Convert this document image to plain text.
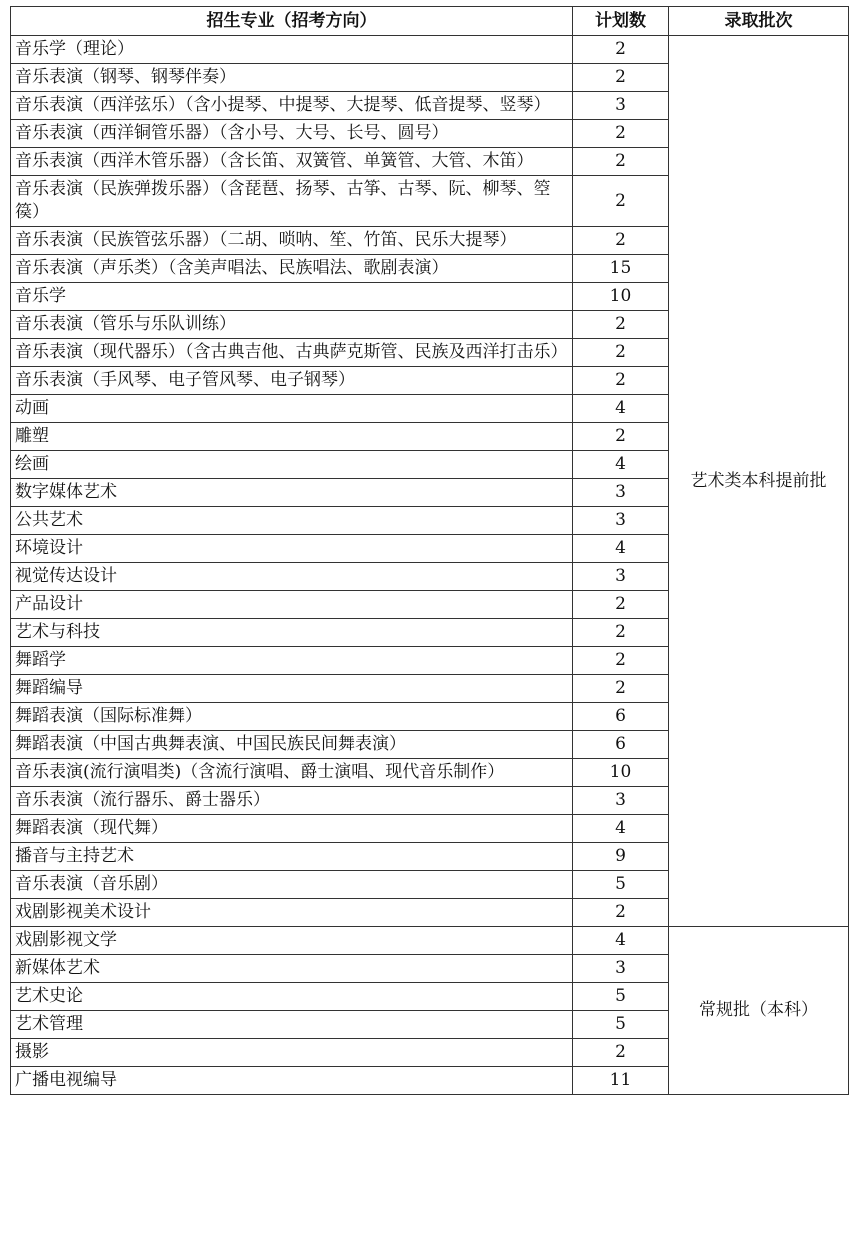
招生专业（招考方向）	计划数	录取批次
音乐学（理论）	2	艺术类本科提前批
音乐表演（钢琴、钢琴伴奏）	2	
音乐表演（西洋弦乐）（含小提琴、中提琴、大提琴、低音提琴、竖琴）	3	
音乐表演（西洋铜管乐器）（含小号、大号、长号、圆号）	2	
音乐表演（西洋木管乐器）（含长笛、双簧管、单簧管、大管、木笛）	2	
音乐表演（民族弹拨乐器）（含琵琶、扬琴、古筝、古琴、阮、柳琴、箜篌）	2	
音乐表演（民族管弦乐器）（二胡、唢呐、笙、竹笛、民乐大提琴）	2	
音乐表演（声乐类）（含美声唱法、民族唱法、歌剧表演）	15	
音乐学	10	
音乐表演（管乐与乐队训练）	2	
音乐表演（现代器乐）（含古典吉他、古典萨克斯管、民族及西洋打击乐）	2	
音乐表演（手风琴、电子管风琴、电子钢琴）	2	
动画	4	
雕塑	2	
绘画	4	
数字媒体艺术	3	
公共艺术	3	
环境设计	4	
视觉传达设计	3	
产品设计	2	
艺术与科技	2	
舞蹈学	2	
舞蹈编导	2	
舞蹈表演（国际标准舞）	6	
舞蹈表演（中国古典舞表演、中国民族民间舞表演）	6	
音乐表演(流行演唱类)（含流行演唱、爵士演唱、现代音乐制作）	10	
音乐表演（流行器乐、爵士器乐）	3	
舞蹈表演（现代舞）	4	
播音与主持艺术	9	
音乐表演（音乐剧）	5	
戏剧影视美术设计	2	
戏剧影视文学	4	常规批（本科）
新媒体艺术	3	
艺术史论	5	
艺术管理	5	
摄影	2	
广播电视编导	11	
